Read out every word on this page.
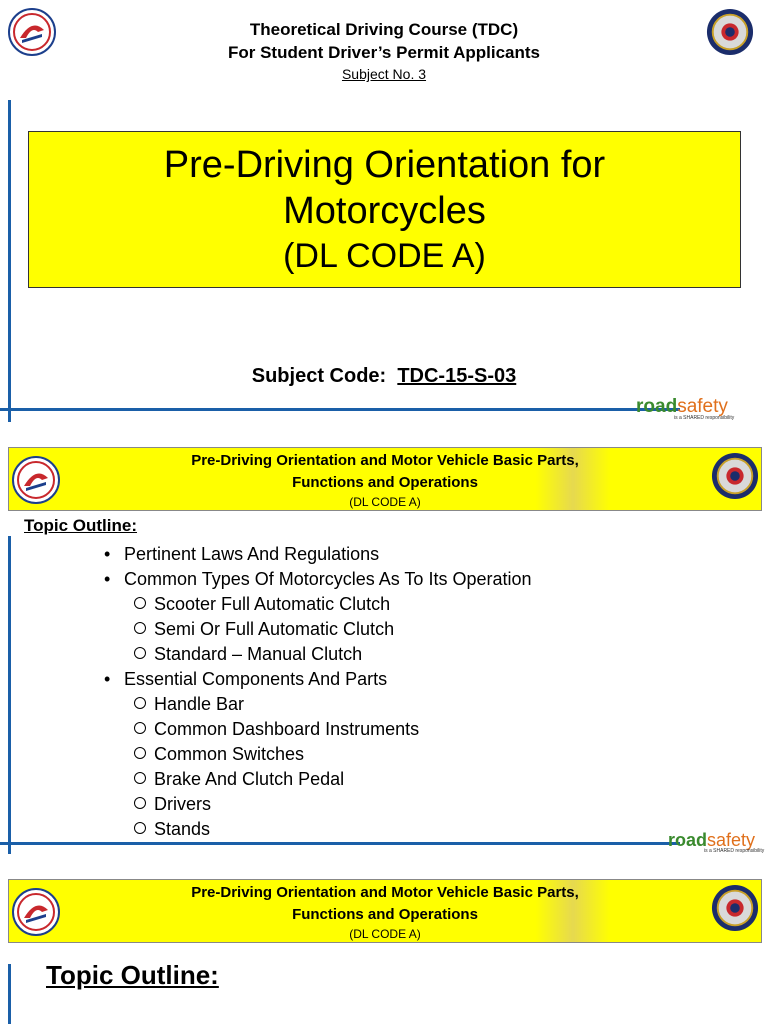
Theoretical Driving Course (TDC)
For Student Driver’s Permit Applicants
Subject No. 3
Pre-Driving Orientation for
Motorcycles
(DL CODE A)
Subject Code: TDC-15-S-03
roadsafety
is a SHARED responsibility
Pre-Driving Orientation and Motor Vehicle Basic Parts,
Functions and Operations
(DL CODE A)
Topic Outline:
• Pertinent Laws And Regulations
• Common Types Of Motorcycles As To Its Operation
Scooter Full Automatic Clutch
Semi Or Full Automatic Clutch
Standard – Manual Clutch
• Essential Components And Parts
Handle Bar
Common Dashboard Instruments
Common Switches
Brake And Clutch Pedal
Drivers
Stands
roadsafety
is a SHARED responsibility
Pre-Driving Orientation and Motor Vehicle Basic Parts,
Functions and Operations
(DL CODE A)
Topic Outline:
